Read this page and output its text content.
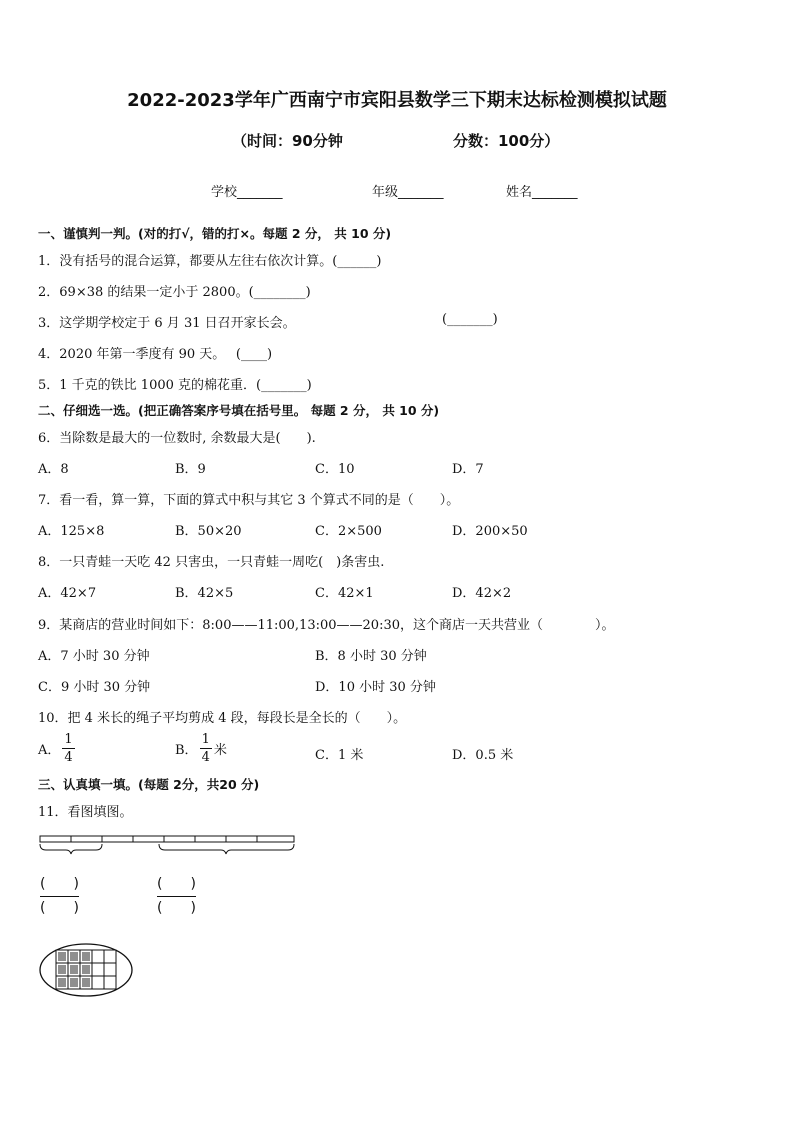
2022-2023学年广西南宁市宾阳县数学三下期末达标检测模拟试题
（时间：90分钟	分数：100分）
学校_______	年级_______	姓名_______
一、谨慎判一判。(对的打√，错的打×。每题 2 分， 共 10 分)
1．没有括号的混合运算，都要从左往右依次计算。(______)
2．69×38 的结果一定小于 2800。(________)
3．这学期学校定于 6 月 31 日召开家长会。	(_______)
4．2020 年第一季度有 90 天。　 (____)
5．1 千克的铁比 1000 克的棉花重．(_______)
二、仔细选一选。(把正确答案序号填在括号里。 每题 2 分， 共 10 分)
6．当除数是最大的一位数时, 余数最大是(　　).
A．8	B．9	C．10	D．7
7．看一看，算一算，下面的算式中积与其它 3 个算式不同的是（　　）。
A．125×8	B．50×20	C．2×500	D．200×50
8．一只青蛙一天吃 42 只害虫，一只青蛙一周吃(　)条害虫.
A．42×7	B．42×5	C．42×1	D．42×2
9．某商店的营业时间如下：8:00——11:00,13:00——20:30，这个商店一天共营业（　　　　）。
A．7 小时 30 分钟	B．8 小时 30 分钟
C．9 小时 30 分钟	D．10 小时 30 分钟
10．把 4 米长的绳子平均剪成 4 段，每段长是全长的（　　）。
A． $\frac{1}{4}$	B． $\frac{1}{4}$ 米	C．1 米	D．0.5 米
三、认真填一填。(每题 2分，共20 分)
11．看图填图。
(　　)
(　　)
(　　)
(　　)
